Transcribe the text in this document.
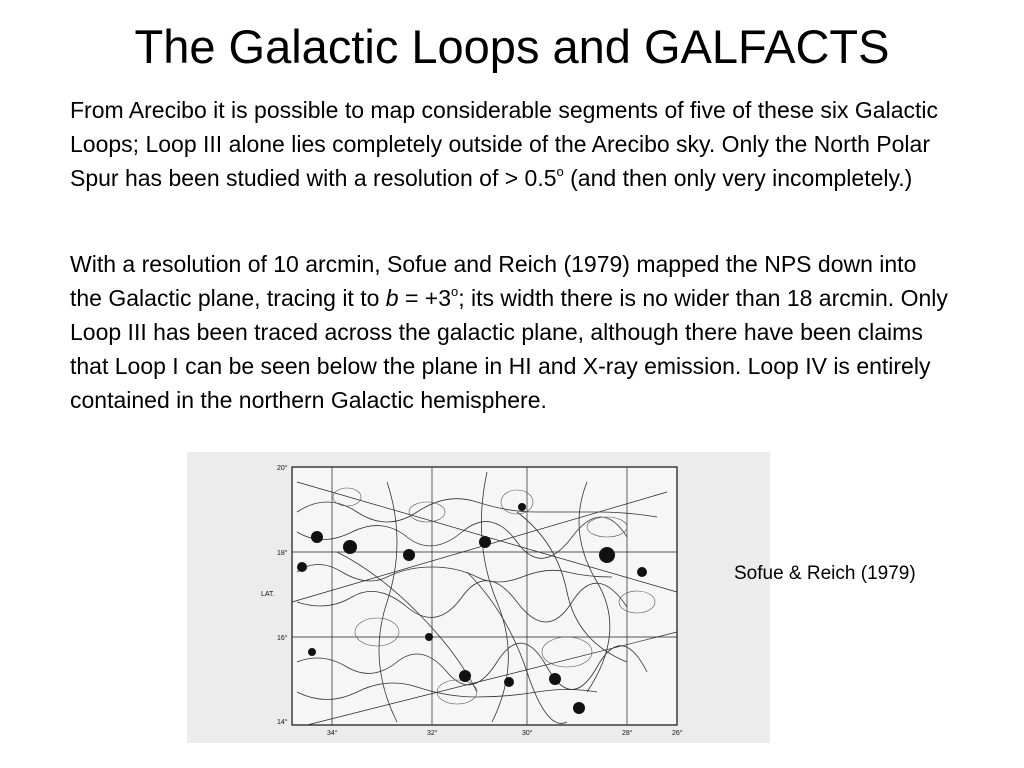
The Galactic Loops and GALFACTS

From Arecibo it is possible to map considerable segments of five of these six Galactic Loops; Loop III alone lies completely outside of the Arecibo sky. Only the North Polar Spur has been studied with a resolution of > $0.5^o$ (and then only very incompletely.)

With a resolution of 10 arcmin, Sofue and Reich (1979) mapped the NPS down into the Galactic plane, tracing it to $b = +3^o$; its width there is no wider than 18 arcmin. Only Loop III has been traced across the galactic plane, although there have been claims that Loop I can be seen below the plane in HI and X-ray emission. Loop IV is entirely contained in the northern Galactic hemisphere.

20°
18°
16°
14°
LAT.
34°	32°	30°	28°	26°
Sofue & Reich (1979)
